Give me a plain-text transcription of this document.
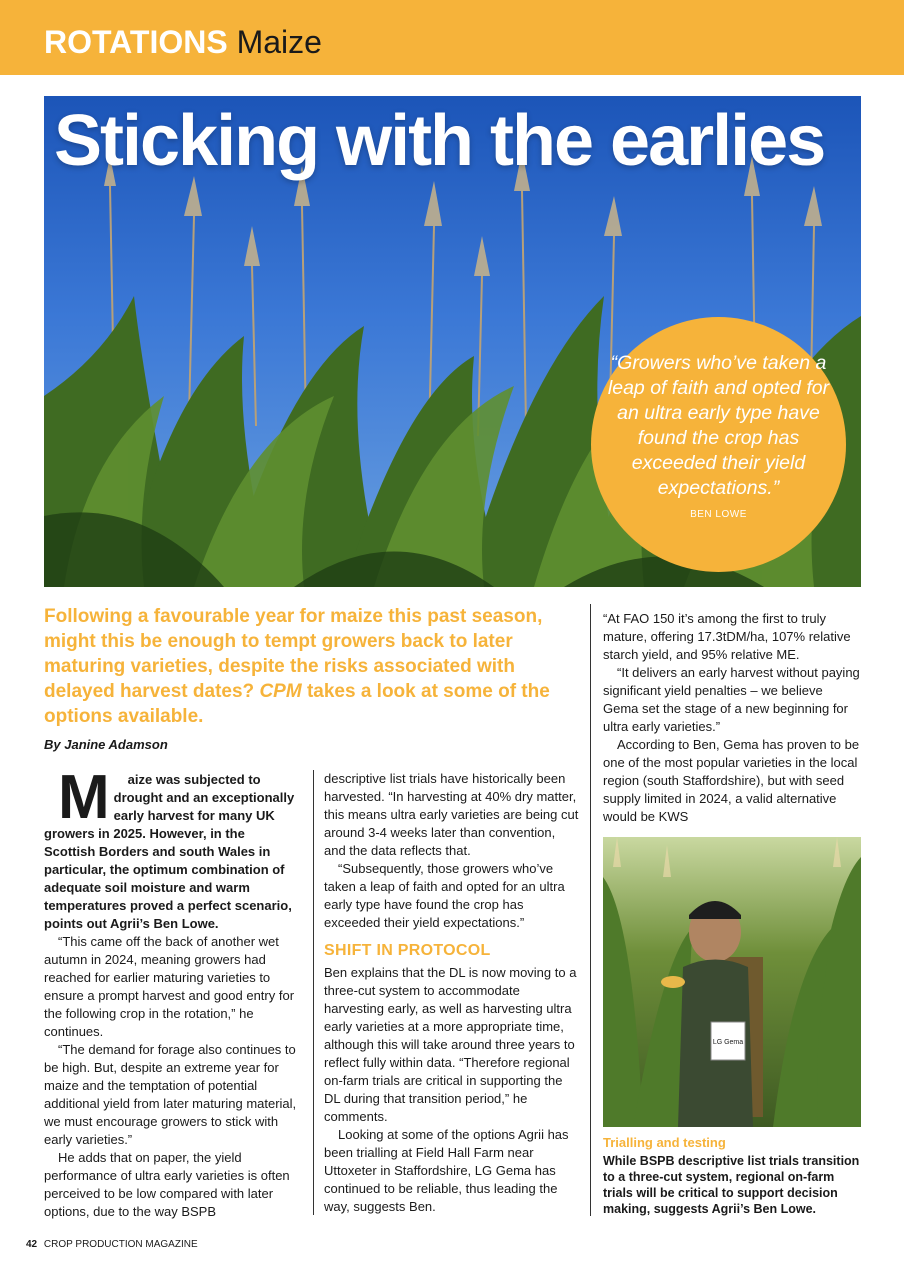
ROTATIONS Maize
Sticking with the earlies
“Growers who’ve taken a leap of faith and opted for an ultra early type have found the crop has exceeded their yield expectations.”
BEN LOWE
Following a favourable year for maize this past season, might this be enough to tempt growers back to later maturing varieties, despite the risks associated with delayed harvest dates? CPM takes a look at some of the options available.
By Janine Adamson

M aize was subjected to drought and an exceptionally early harvest for many UK growers in 2025. However, in the Scottish Borders and south Wales in particular, the optimum combination of adequate soil moisture and warm temperatures proved a perfect scenario, points out Agrii’s Ben Lowe.

“This came off the back of another wet autumn in 2024, meaning growers had reached for earlier maturing varieties to ensure a prompt harvest and good entry for the following crop in the rotation,” he continues.

“The demand for forage also continues to be high. But, despite an extreme year for maize and the temptation of potential additional yield from later maturing material, we must encourage growers to stick with early varieties.”

He adds that on paper, the yield performance of ultra early varieties is often perceived to be low compared with later options, due to the way BSPB

descriptive list trials have historically been harvested. “In harvesting at 40% dry matter, this means ultra early varieties are being cut around 3-4 weeks later than convention, and the data reflects that.

“Subsequently, those growers who’ve taken a leap of faith and opted for an ultra early type have found the crop has exceeded their yield expectations.”

SHIFT IN PROTOCOL

Ben explains that the DL is now moving to a three-cut system to accommodate harvesting early, as well as harvesting ultra early varieties at a more appropriate time, although this will take around three years to reflect fully within data. “Therefore regional on-farm trials are critical in supporting the DL during that transition period,” he comments.

Looking at some of the options Agrii has been trialling at Field Hall Farm near Uttoxeter in Staffordshire, LG Gema has continued to be reliable, thus leading the way, suggests Ben.

“At FAO 150 it’s among the first to truly mature, offering 17.3tDM/ha, 107% relative starch yield, and 95% relative ME.

“It delivers an early harvest without paying significant yield penalties – we believe Gema set the stage of a new beginning for ultra early varieties.”

According to Ben, Gema has proven to be one of the most popular varieties in the local region (south Staffordshire), but with seed supply limited in 2024, a valid alternative would be KWS

LG Gema
Trialling and testing
While BSPB descriptive list trials transition to a three-cut system, regional on-farm trials will be critical to support decision making, suggests Agrii’s Ben Lowe.
42 CROP PRODUCTION MAGAZINE
